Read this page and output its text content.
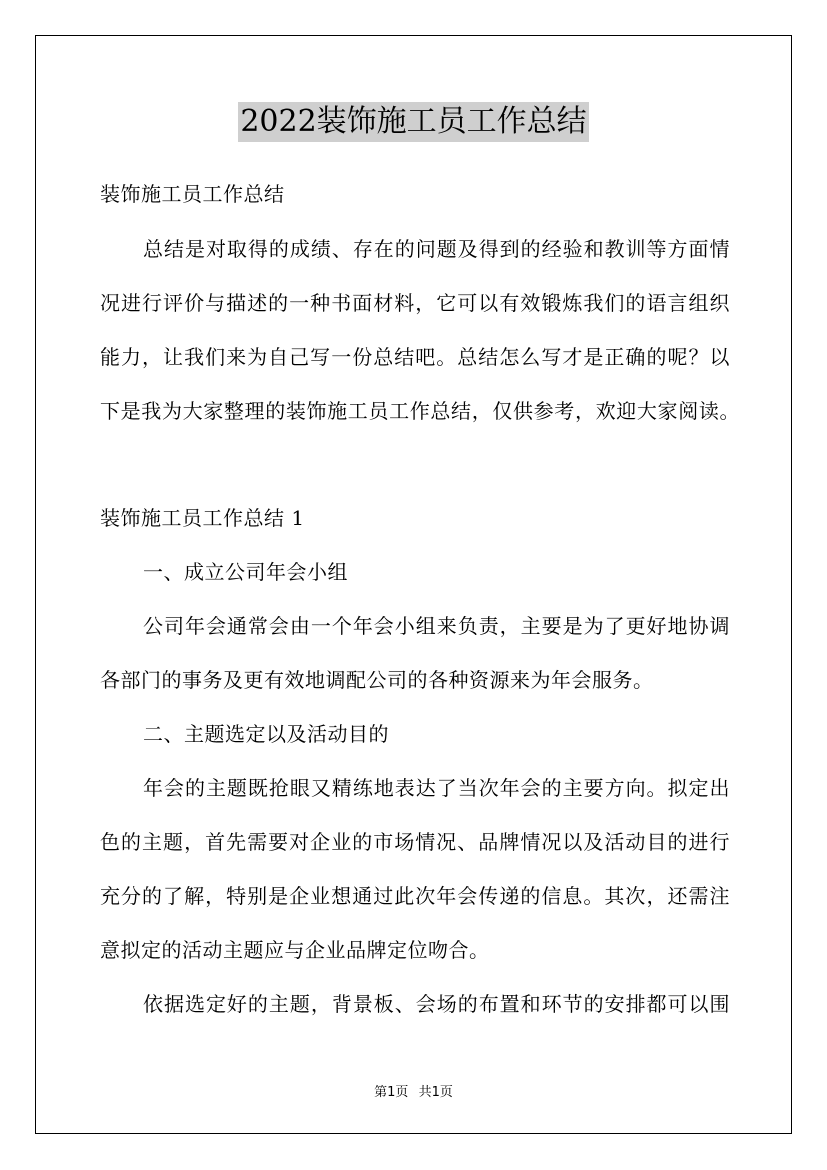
2022装饰施工员工作总结
装饰施工员工作总结
总结是对取得的成绩、存在的问题及得到的经验和教训等方面情
况进行评价与描述的一种书面材料，它可以有效锻炼我们的语言组织
能力，让我们来为自己写一份总结吧。总结怎么写才是正确的呢？以
下是我为大家整理的装饰施工员工作总结，仅供参考，欢迎大家阅读。
装饰施工员工作总结 1
一、成立公司年会小组
公司年会通常会由一个年会小组来负责，主要是为了更好地协调
各部门的事务及更有效地调配公司的各种资源来为年会服务。
二、主题选定以及活动目的
年会的主题既抢眼又精练地表达了当次年会的主要方向。拟定出
色的主题，首先需要对企业的市场情况、品牌情况以及活动目的进行
充分的了解，特别是企业想通过此次年会传递的信息。其次，还需注
意拟定的活动主题应与企业品牌定位吻合。
依据选定好的主题，背景板、会场的布置和环节的安排都可以围
第1页 共1页
